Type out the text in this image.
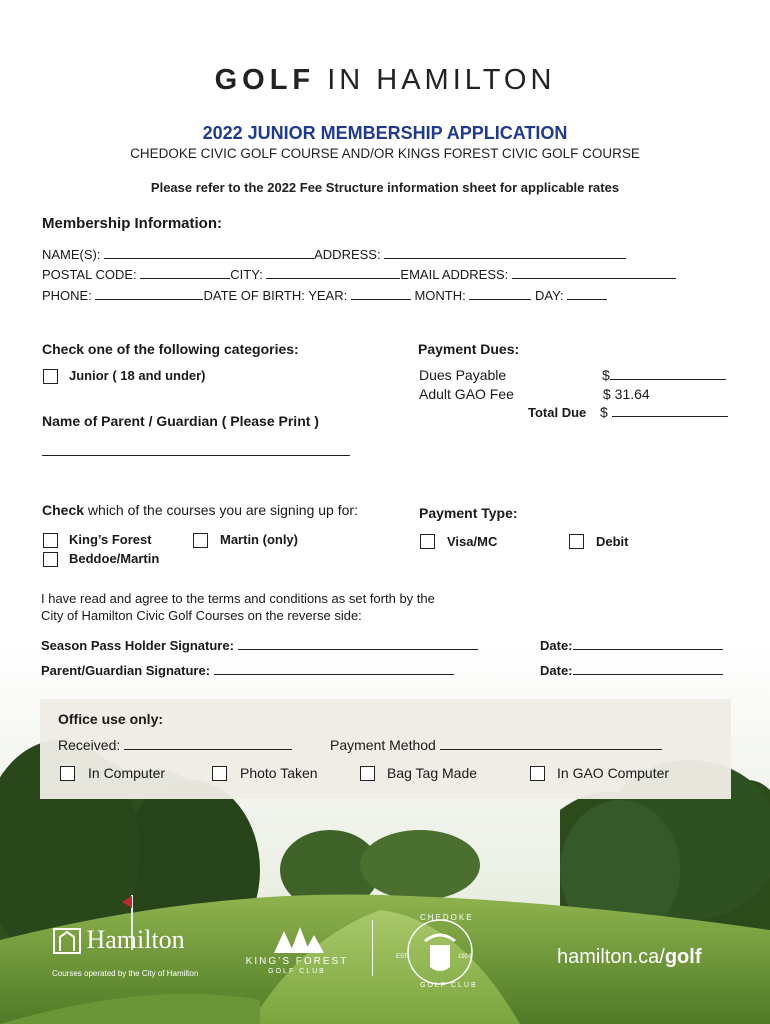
GOLF IN HAMILTON
2022 JUNIOR MEMBERSHIP APPLICATION
CHEDOKE CIVIC GOLF COURSE AND/OR KINGS FOREST CIVIC GOLF COURSE
Please refer to the 2022 Fee Structure information sheet for applicable rates
Membership Information:
NAME(S):	ADDRESS:
POSTAL CODE:	CITY:	EMAIL ADDRESS:
PHONE:	DATE OF BIRTH: YEAR:	MONTH:	DAY:
Check one of the following categories:
Junior ( 18 and under)
Name of Parent / Guardian ( Please Print )
Payment Dues:
Dues Payable	$
Adult GAO Fee	$ 31.64
Total Due $
Check which of the courses you are signing up for:
King’s Forest	Martin (only)
Beddoe/Martin
Payment Type:
Visa/MC	Debit
I have read and agree to the terms and conditions as set forth by the
City of Hamilton Civic Golf Courses on the reverse side:
Season Pass Holder Signature:	Date:
Parent/Guardian Signature:	Date:
Office use only:
Received:	Payment Method
In Computer	Photo Taken	Bag Tag Made	In GAO Computer
Hamilton
Courses operated by the City of Hamilton
KING’S FOREST
GOLF CLUB
CHEDOKE
EST.	1924
GOLF CLUB
hamilton.ca/golf
